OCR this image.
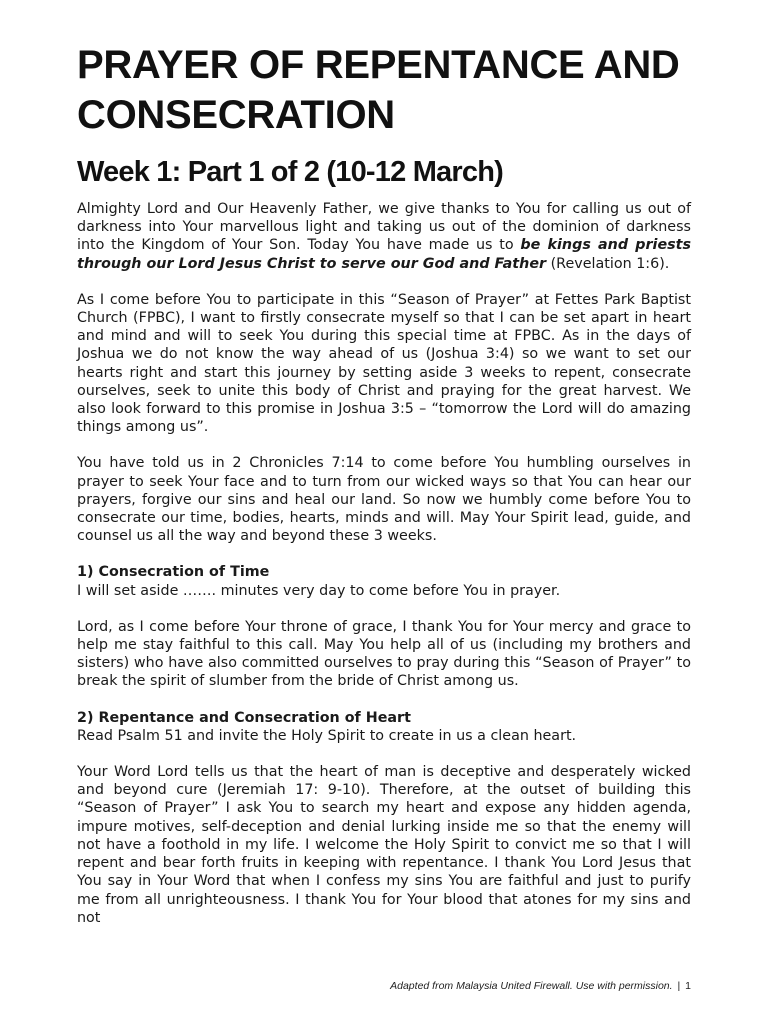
PRAYER OF REPENTANCE AND CONSECRATION
Week 1: Part 1 of 2 (10-12 March)

Almighty Lord and Our Heavenly Father, we give thanks to You for calling us out of darkness into Your marvellous light and taking us out of the dominion of darkness into the Kingdom of Your Son. Today You have made us to be kings and priests through our Lord Jesus Christ to serve our God and Father (Revelation 1:6).

As I come before You to participate in this “Season of Prayer” at Fettes Park Baptist Church (FPBC), I want to firstly consecrate myself so that I can be set apart in heart and mind and will to seek You during this special time at FPBC. As in the days of Joshua we do not know the way ahead of us (Joshua 3:4) so we want to set our hearts right and start this journey by setting aside 3 weeks to repent, consecrate ourselves, seek to unite this body of Christ and praying for the great harvest. We also look forward to this promise in Joshua 3:5 – “tomorrow the Lord will do amazing things among us”.

You have told us in 2 Chronicles 7:14 to come before You humbling ourselves in prayer to seek Your face and to turn from our wicked ways so that You can hear our prayers, forgive our sins and heal our land. So now we humbly come before You to consecrate our time, bodies, hearts, minds and will. May Your Spirit lead, guide, and counsel us all the way and beyond these 3 weeks.

1) Consecration of Time
I will set aside ……. minutes very day to come before You in prayer.

Lord, as I come before Your throne of grace, I thank You for Your mercy and grace to help me stay faithful to this call. May You help all of us (including my brothers and sisters) who have also committed ourselves to pray during this “Season of Prayer” to break the spirit of slumber from the bride of Christ among us.

2) Repentance and Consecration of Heart
Read Psalm 51 and invite the Holy Spirit to create in us a clean heart.

Your Word Lord tells us that the heart of man is deceptive and desperately wicked and beyond cure (Jeremiah 17: 9-10). Therefore, at the outset of building this “Season of Prayer” I ask You to search my heart and expose any hidden agenda, impure motives, self-deception and denial lurking inside me so that the enemy will not have a foothold in my life. I welcome the Holy Spirit to convict me so that I will repent and bear forth fruits in keeping with repentance. I thank You Lord Jesus that You say in Your Word that when I confess my sins You are faithful and just to purify me from all unrighteousness. I thank You for Your blood that atones for my sins and not

Adapted from Malaysia United Firewall. Use with permission. | 1
